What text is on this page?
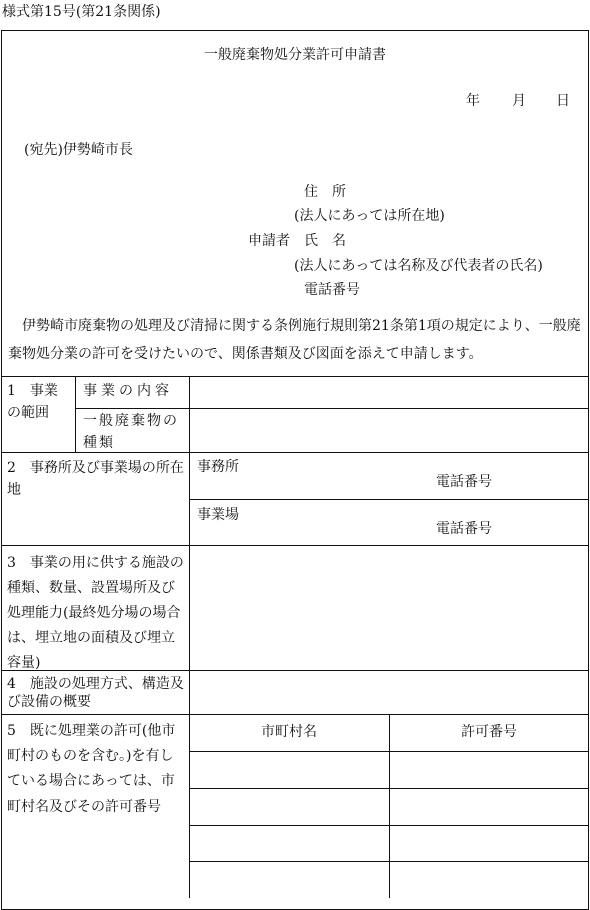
様式第15号(第21条関係)
一般廃棄物処分業許可申請書
年 月 日
(宛先)伊勢崎市長
住　所
(法人にあっては所在地)
申請者 氏　名
(法人にあっては名称及び代表者の氏名)
電話番号
伊勢崎市廃棄物の処理及び清掃に関する条例施行規則第21条第1項の規定により、一般廃棄物処分業の許可を受けたいので、関係書類及び図面を添えて申請します。
1　事業の範囲
事業の内容
一般廃棄物の種類
2　事務所及び事業場の所在地
事務所
電話番号
事業場
電話番号
3　事業の用に供する施設の種類、数量、設置場所及び処理能力(最終処分場の場合は、埋立地の面積及び埋立容量)
4　施設の処理方式、構造及び設備の概要
5　既に処理業の許可(他市町村のものを含む。)を有している場合にあっては、市町村名及びその許可番号
市町村名	許可番号
